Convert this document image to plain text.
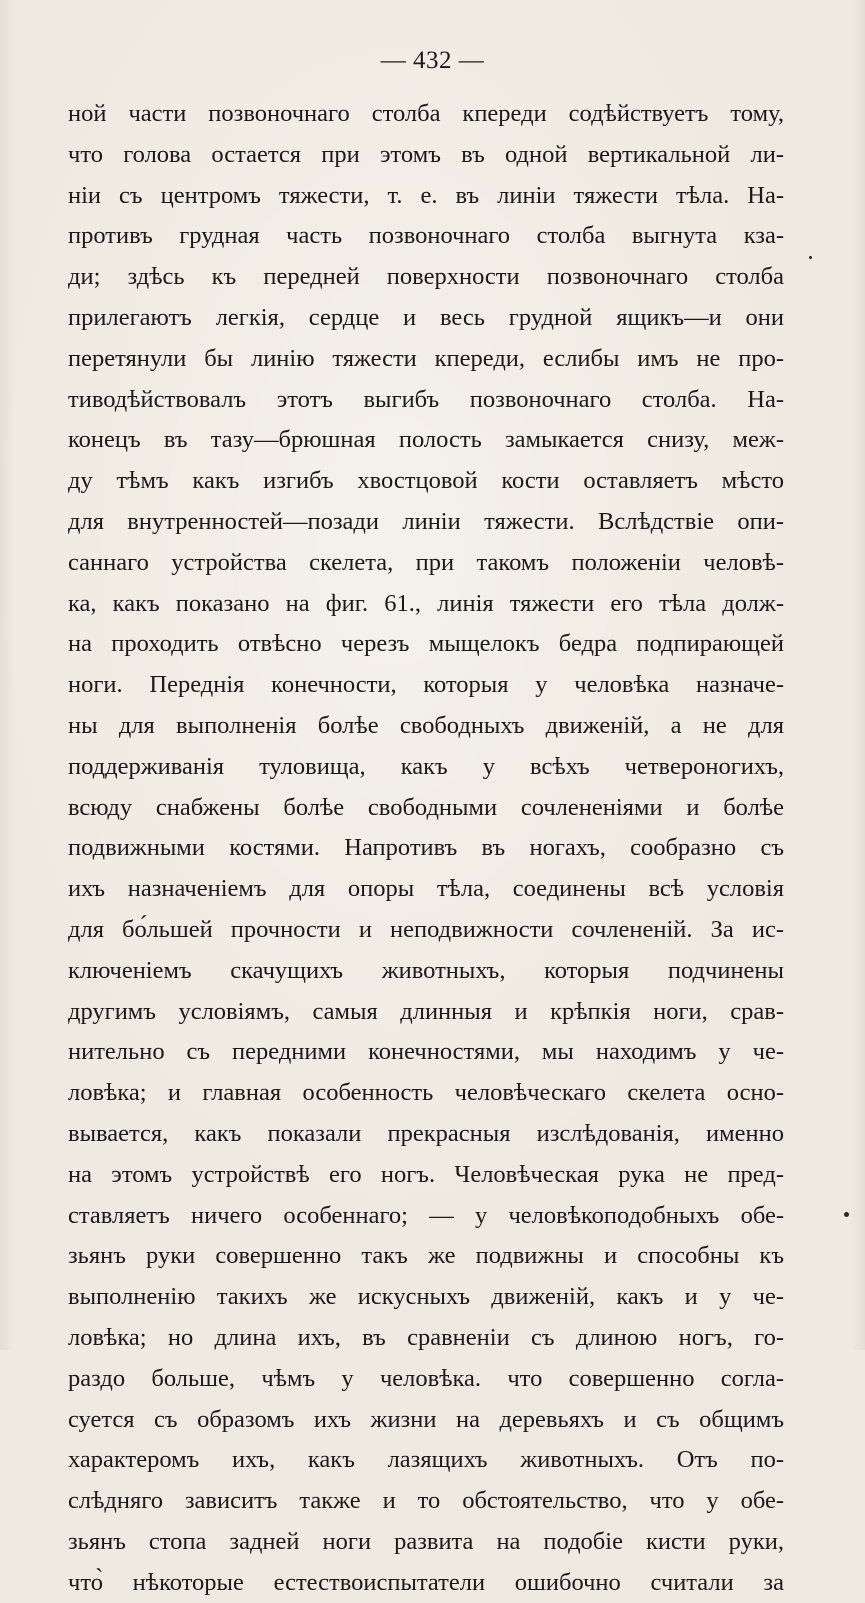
— 432 —
ной части позвоночнаго столба кпереди содѣйствуетъ тому,
что голова остается при этомъ въ одной вертикальной ли-
ніи съ центромъ тяжести, т. е. въ линіи тяжести тѣла. На-
противъ грудная часть позвоночнаго столба выгнута кза-
ди; здѣсь къ передней поверхности позвоночнаго столба
прилегаютъ легкія, сердце и весь грудной ящикъ—и они
перетянули бы линію тяжести кпереди, еслибы имъ не про-
тиводѣйствовалъ этотъ выгибъ позвоночнаго столба. На-
конецъ въ тазу—брюшная полость замыкается снизу, меж-
ду тѣмъ какъ изгибъ хвостцовой кости оставляетъ мѣсто
для внутренностей—позади линіи тяжести. Вслѣдствіе опи-
саннаго устройства скелета, при такомъ положеніи человѣ-
ка, какъ показано на фиг. 61., линія тяжести его тѣла долж-
на проходить отвѣсно черезъ мыщелокъ бедра подпирающей
ноги. Переднія конечности, которыя у человѣка назначе-
ны для выполненія болѣе свободныхъ движеній, а не для
поддерживанія туловища, какъ у всѣхъ четвероногихъ,
всюду снабжены болѣе свободными сочлененіями и болѣе
подвижными костями. Напротивъ въ ногахъ, сообразно съ
ихъ назначеніемъ для опоры тѣла, соединены всѣ условія
для бо́льшей прочности и неподвижности сочлененій. За ис-
ключеніемъ скачущихъ животныхъ, которыя подчинены
другимъ условіямъ, самыя длинныя и крѣпкія ноги, срав-
нительно съ передними конечностями, мы находимъ у че-
ловѣка; и главная особенность человѣческаго скелета осно-
вывается, какъ показали прекрасныя изслѣдованія, именно
на этомъ устройствѣ его ногъ. Человѣческая рука не пред-
ставляетъ ничего особеннаго; — у человѣкоподобныхъ обе-
зьянъ руки совершенно такъ же подвижны и способны къ
выполненію такихъ же искусныхъ движеній, какъ и у че-
ловѣка; но длина ихъ, въ сравненіи съ длиною ногъ, го-
раздо больше, чѣмъ у человѣка. что совершенно согла-
суется съ образомъ ихъ жизни на деревьяхъ и съ общимъ
характеромъ ихъ, какъ лазящихъ животныхъ. Отъ по-
слѣдняго зависитъ также и то обстоятельство, что у обе-
зьянъ стопа задней ноги развита на подобіе кисти руки,
что̀ нѣкоторые естествоиспытатели ошибочно считали за
